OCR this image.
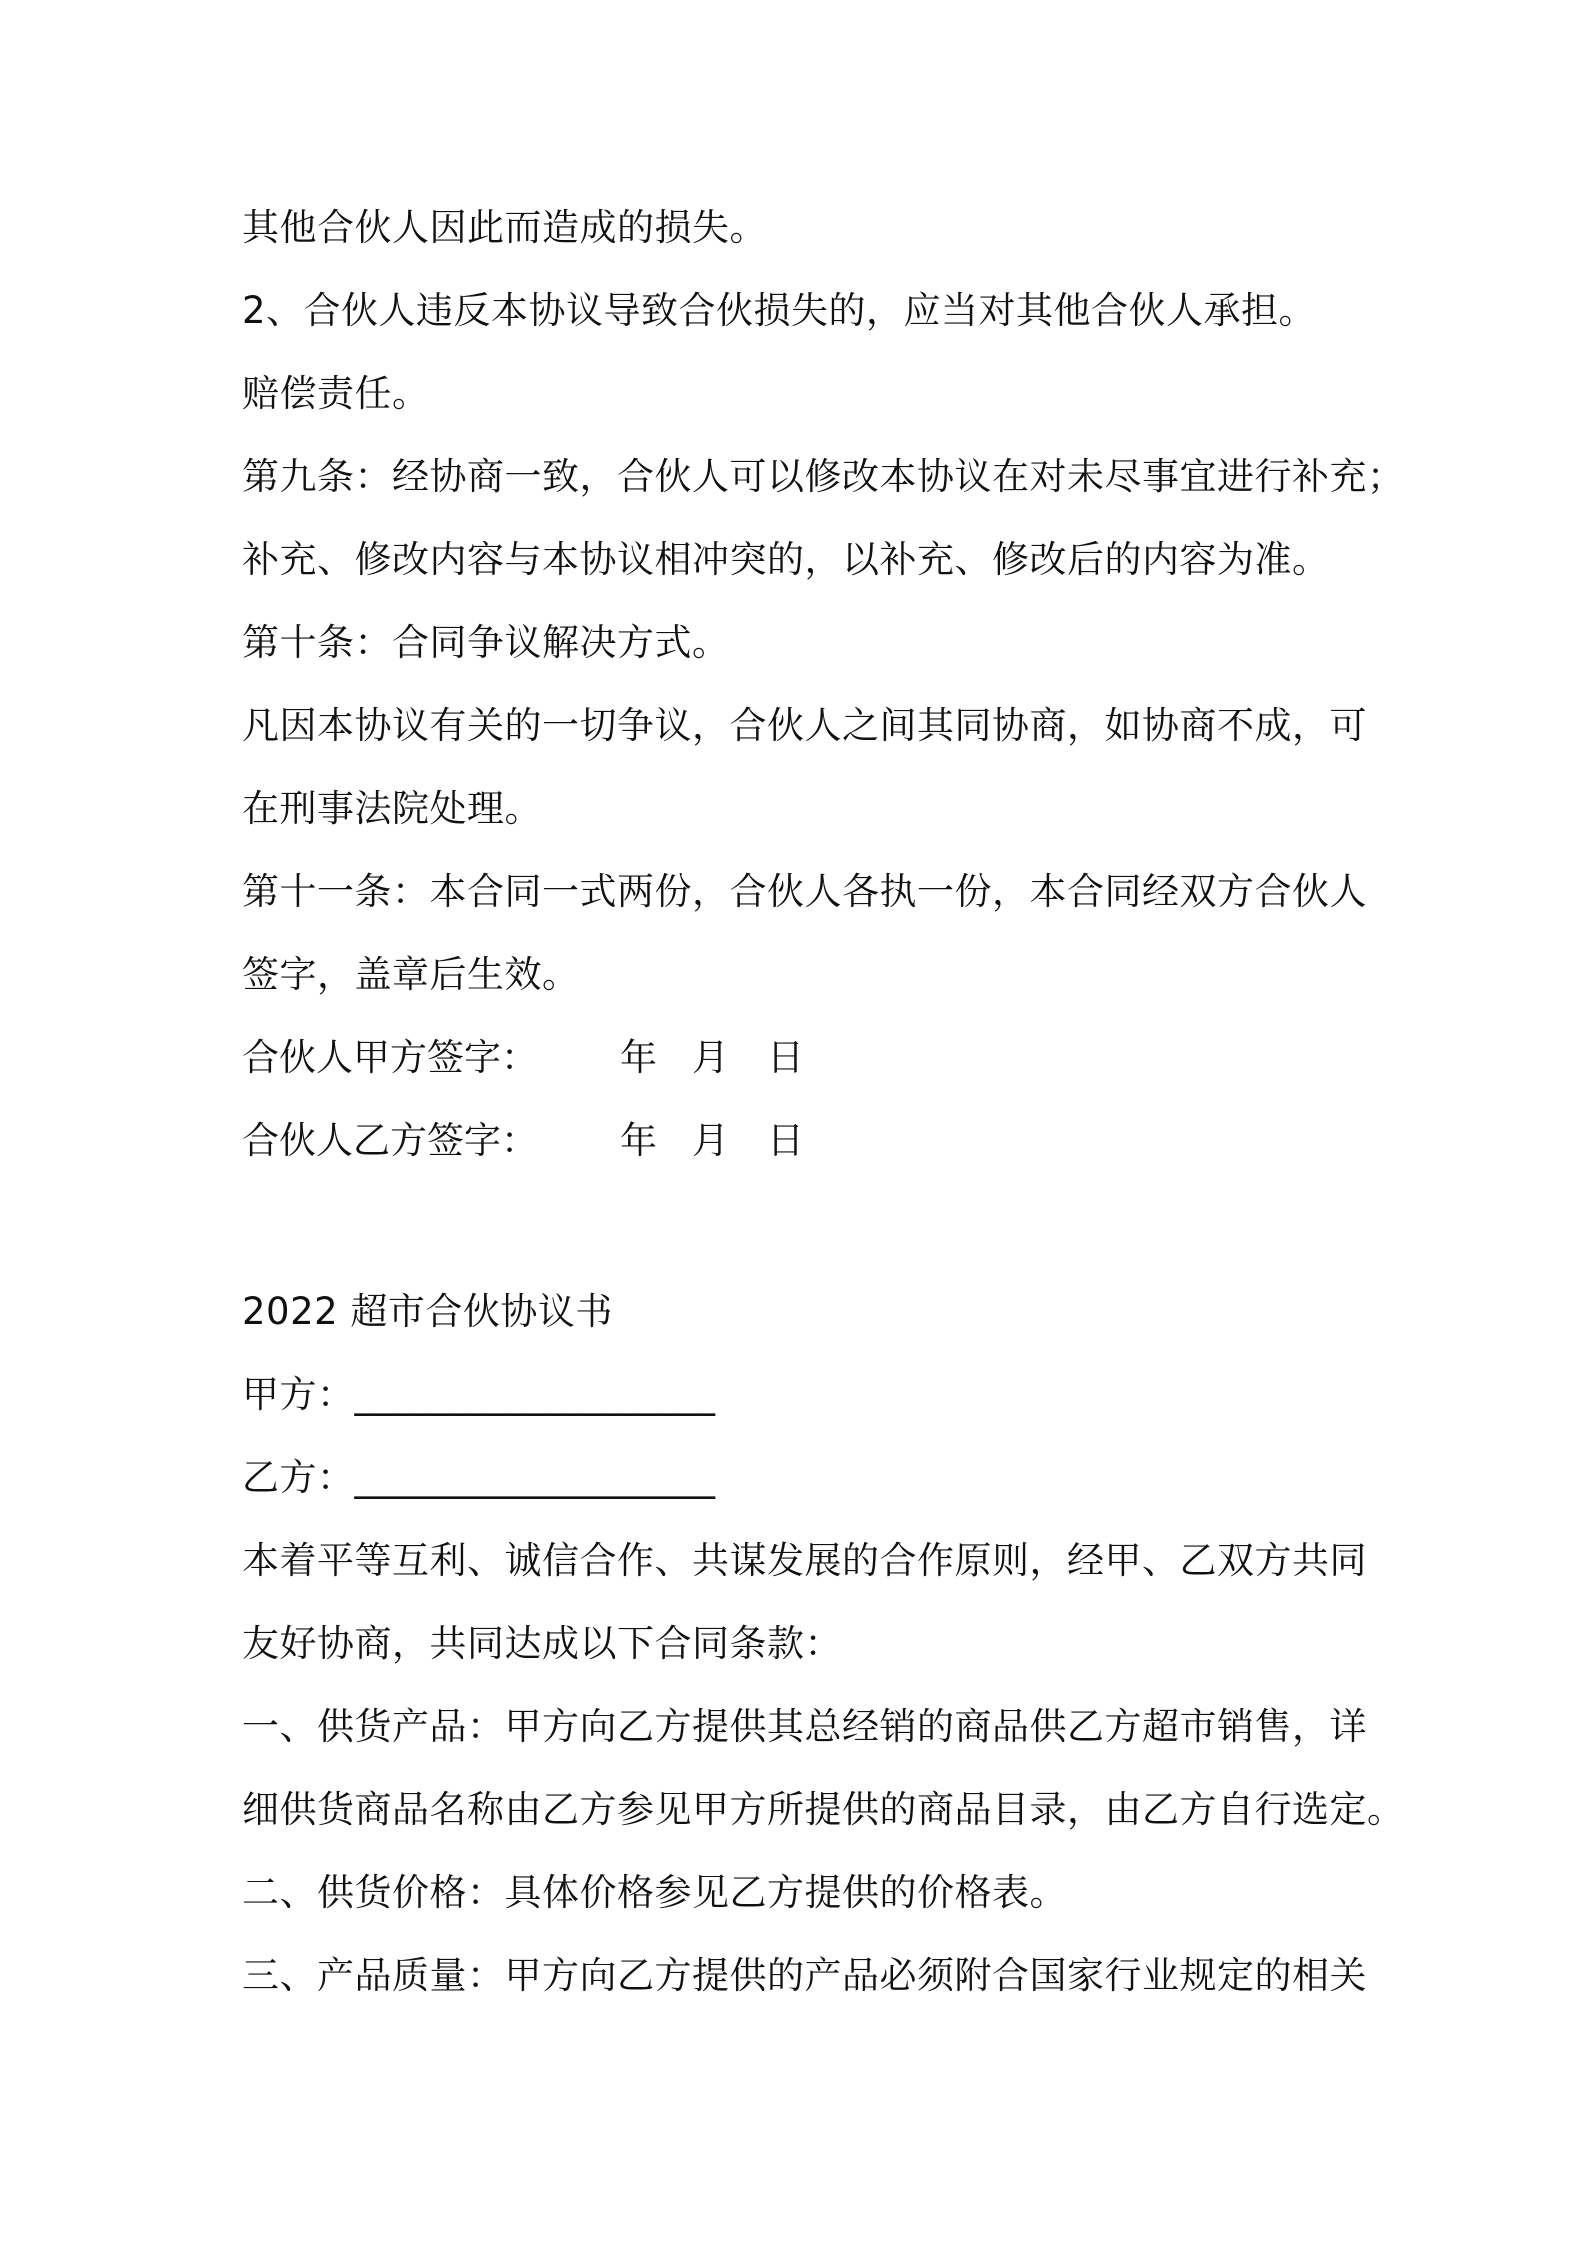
其他合伙人因此而造成的损失。
2、合伙人违反本协议导致合伙损失的，应当对其他合伙人承担。
赔偿责任。
第九条：经协商一致，合伙人可以修改本协议在对未尽事宜进行补充；
补充、修改内容与本协议相冲突的，以补充、修改后的内容为准。
第十条：合同争议解决方式。
凡因本协议有关的一切争议，合伙人之间其同协商，如协商不成，可
在刑事法院处理。
第十一条：本合同一式两份，合伙人各执一份，本合同经双方合伙人
签字，盖章后生效。
合伙人甲方签字： 年 月 日
合伙人乙方签字： 年 月 日
2022 超市合伙协议书
甲方：___________________
乙方：___________________
本着平等互利、诚信合作、共谋发展的合作原则，经甲、乙双方共同
友好协商，共同达成以下合同条款：
一、供货产品：甲方向乙方提供其总经销的商品供乙方超市销售，详
细供货商品名称由乙方参见甲方所提供的商品目录，由乙方自行选定。
二、供货价格：具体价格参见乙方提供的价格表。
三、产品质量：甲方向乙方提供的产品必须附合国家行业规定的相关
